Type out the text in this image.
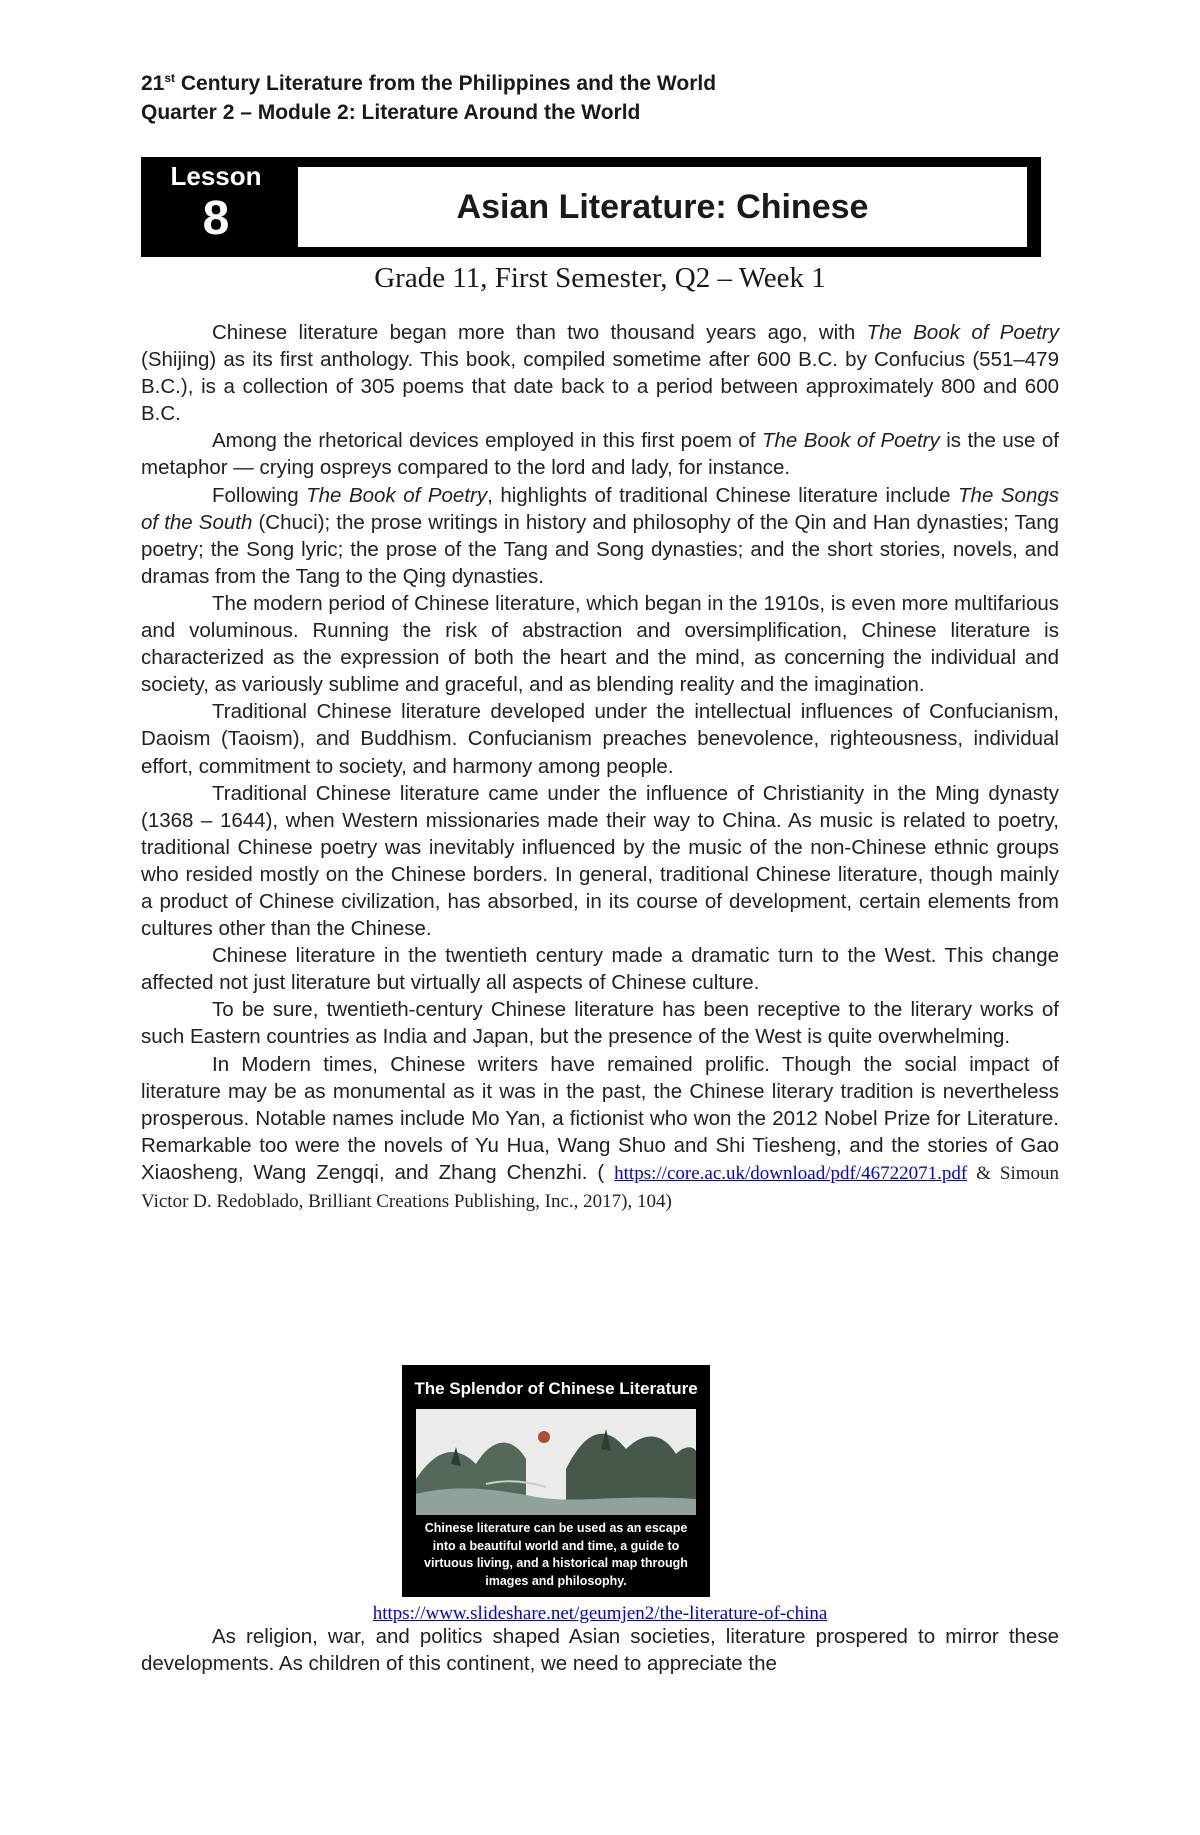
21st Century Literature from the Philippines and the World
Quarter 2 – Module 2: Literature Around the World
Lesson
8	Asian Literature: Chinese
Grade 11, First Semester, Q2 – Week 1

Chinese literature began more than two thousand years ago, with The Book of Poetry (Shijing) as its first anthology. This book, compiled sometime after 600 B.C. by Confucius (551–479 B.C.), is a collection of 305 poems that date back to a period between approximately 800 and 600 B.C.

Among the rhetorical devices employed in this first poem of The Book of Poetry is the use of metaphor — crying ospreys compared to the lord and lady, for instance.

Following The Book of Poetry, highlights of traditional Chinese literature include The Songs of the South (Chuci); the prose writings in history and philosophy of the Qin and Han dynasties; Tang poetry; the Song lyric; the prose of the Tang and Song dynasties; and the short stories, novels, and dramas from the Tang to the Qing dynasties.

The modern period of Chinese literature, which began in the 1910s, is even more multifarious and voluminous. Running the risk of abstraction and oversimplification, Chinese literature is characterized as the expression of both the heart and the mind, as concerning the individual and society, as variously sublime and graceful, and as blending reality and the imagination.

Traditional Chinese literature developed under the intellectual influences of Confucianism, Daoism (Taoism), and Buddhism. Confucianism preaches benevolence, righteousness, individual effort, commitment to society, and harmony among people.

Traditional Chinese literature came under the influence of Christianity in the Ming dynasty (1368 – 1644), when Western missionaries made their way to China. As music is related to poetry, traditional Chinese poetry was inevitably influenced by the music of the non-Chinese ethnic groups who resided mostly on the Chinese borders. In general, traditional Chinese literature, though mainly a product of Chinese civilization, has absorbed, in its course of development, certain elements from cultures other than the Chinese.

Chinese literature in the twentieth century made a dramatic turn to the West. This change affected not just literature but virtually all aspects of Chinese culture.

To be sure, twentieth-century Chinese literature has been receptive to the literary works of such Eastern countries as India and Japan, but the presence of the West is quite overwhelming.

In Modern times, Chinese writers have remained prolific. Though the social impact of literature may be as monumental as it was in the past, the Chinese literary tradition is nevertheless prosperous. Notable names include Mo Yan, a fictionist who won the 2012 Nobel Prize for Literature. Remarkable too were the novels of Yu Hua, Wang Shuo and Shi Tiesheng, and the stories of Gao Xiaosheng, Wang Zengqi, and Zhang Chenzhi. ( https://core.ac.uk/download/pdf/46722071.pdf & Simoun Victor D. Redoblado, Brilliant Creations Publishing, Inc., 2017), 104)

The Splendor of Chinese Literature
Chinese literature can be used as an escape into a beautiful world and time, a guide to virtuous living, and a historical map through images and philosophy.
https://www.slideshare.net/geumjen2/the-literature-of-china

As religion, war, and politics shaped Asian societies, literature prospered to mirror these developments. As children of this continent, we need to appreciate the
